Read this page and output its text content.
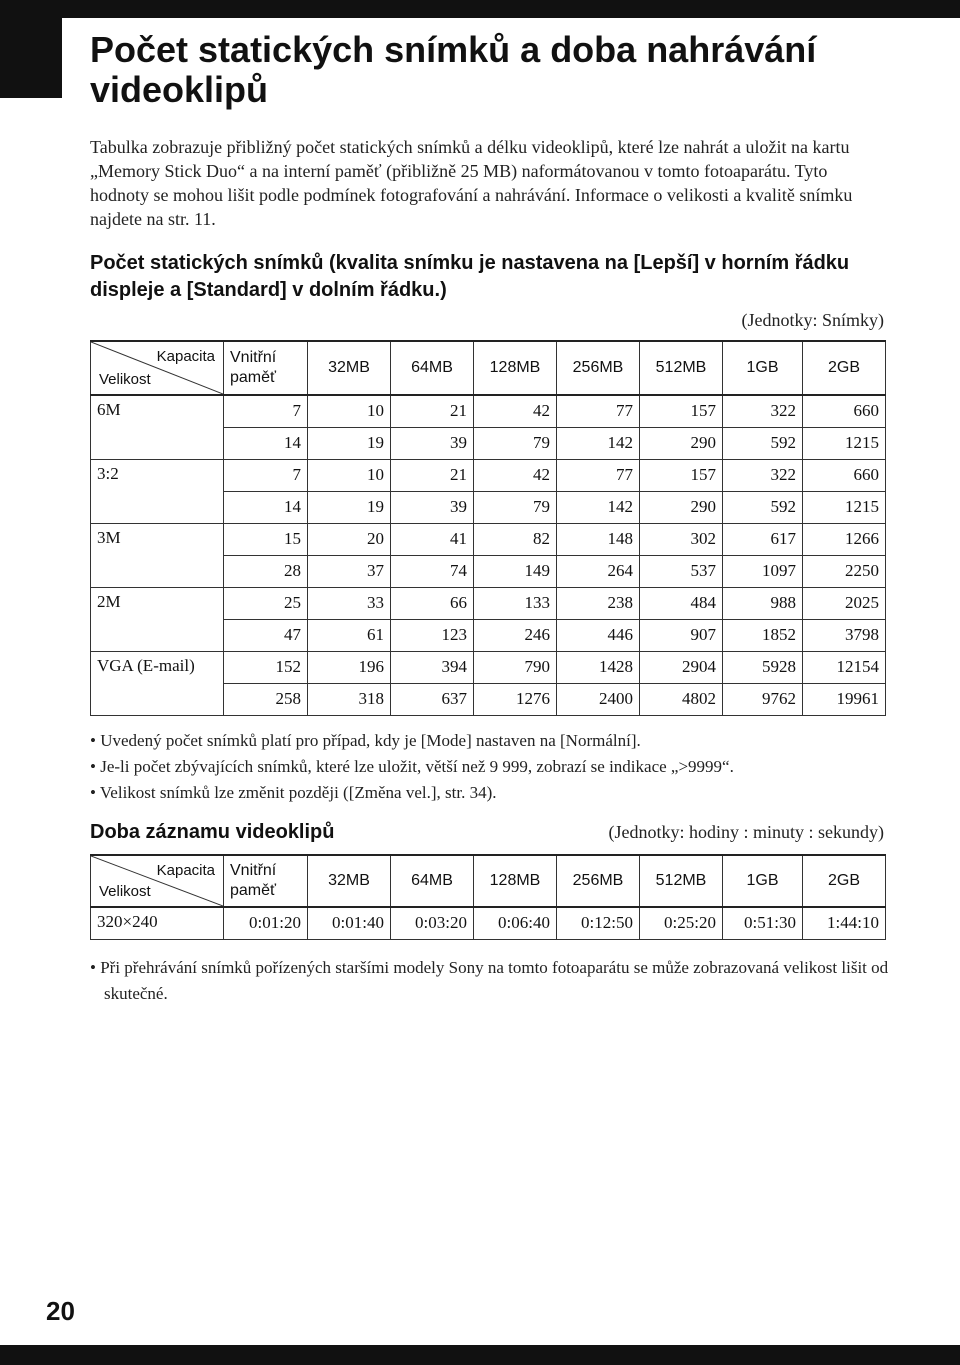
Počet statických snímků a doba nahrávání videoklipů

Tabulka zobrazuje přibližný počet statických snímků a délku videoklipů, které lze nahrát a uložit na kartu „Memory Stick Duo“ a na interní paměť (přibližně 25 MB) naformátovanou v tomto fotoaparátu. Tyto hodnoty se mohou lišit podle podmínek fotografování a nahrávání. Informace o velikosti a kvalitě snímku najdete na str. 11.

Počet statických snímků (kvalita snímku je nastavena na [Lepší] v horním řádku displeje a [Standard] v dolním řádku.)
(Jednotky: Snímky)
Kapacita
Velikost	Vnitřní paměť	32MB	64MB	128MB	256MB	512MB	1GB	2GB
6M	7	10	21	42	77	157	322	660
	14	19	39	79	142	290	592	1215
3:2	7	10	21	42	77	157	322	660
	14	19	39	79	142	290	592	1215
3M	15	20	41	82	148	302	617	1266
	28	37	74	149	264	537	1097	2250
2M	25	33	66	133	238	484	988	2025
	47	61	123	246	446	907	1852	3798
VGA (E-mail)	152	196	394	790	1428	2904	5928	12154
	258	318	637	1276	2400	4802	9762	19961
• Uvedený počet snímků platí pro případ, kdy je [Mode] nastaven na [Normální].
• Je-li počet zbývajících snímků, které lze uložit, větší než 9 999, zobrazí se indikace „>9999“.
• Velikost snímků lze změnit později ([Změna vel.], str. 34).
Doba záznamu videoklipů	(Jednotky: hodiny : minuty : sekundy)
Kapacita
Velikost	Vnitřní paměť	32MB	64MB	128MB	256MB	512MB	1GB	2GB
320×240	0:01:20	0:01:40	0:03:20	0:06:40	0:12:50	0:25:20	0:51:30	1:44:10
• Při přehrávání snímků pořízených staršími modely Sony na tomto fotoaparátu se může zobrazovaná velikost lišit od skutečné.
20
